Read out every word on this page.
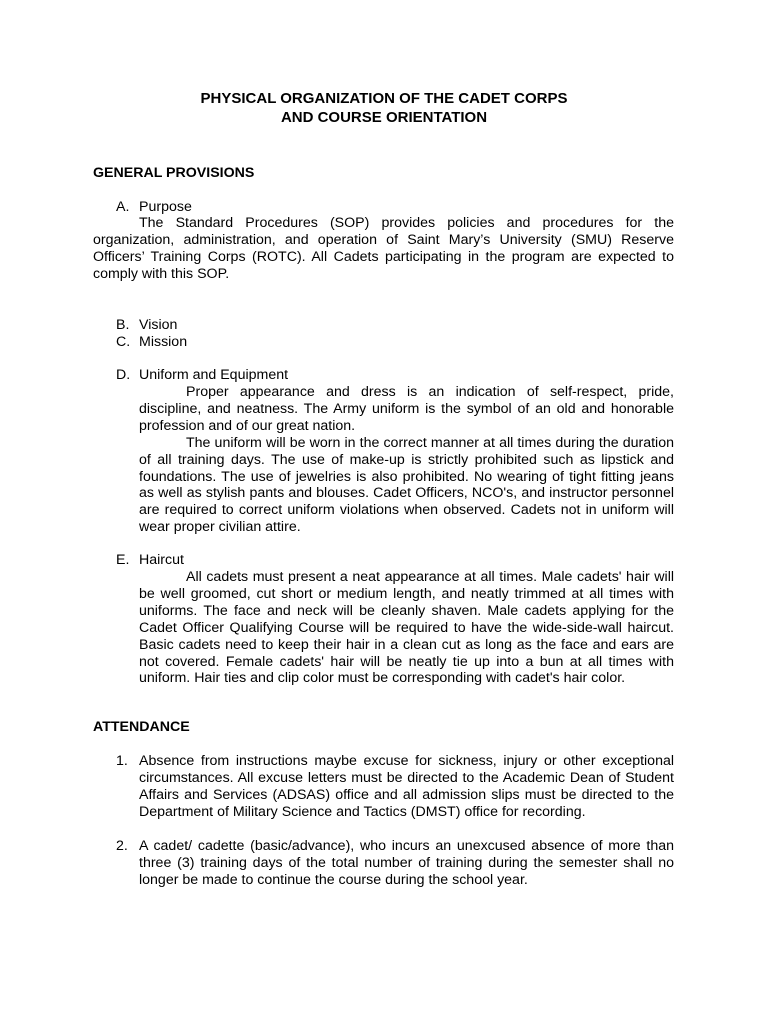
PHYSICAL ORGANIZATION OF THE CADET CORPS
AND COURSE ORIENTATION
GENERAL PROVISIONS
A. Purpose

The Standard Procedures (SOP) provides policies and procedures for the organization, administration, and operation of Saint Mary’s University (SMU) Reserve Officers’ Training Corps (ROTC). All Cadets participating in the program are expected to comply with this SOP.

B. Vision
C. Mission
D. Uniform and Equipment

Proper appearance and dress is an indication of self-respect, pride, discipline, and neatness. The Army uniform is the symbol of an old and honorable profession and of our great nation.

The uniform will be worn in the correct manner at all times during the duration of all training days. The use of make-up is strictly prohibited such as lipstick and foundations. The use of jewelries is also prohibited. No wearing of tight fitting jeans as well as stylish pants and blouses. Cadet Officers, NCO's, and instructor personnel are required to correct uniform violations when observed. Cadets not in uniform will wear proper civilian attire.

E. Haircut

All cadets must present a neat appearance at all times. Male cadets' hair will be well groomed, cut short or medium length, and neatly trimmed at all times with uniforms. The face and neck will be cleanly shaven. Male cadets applying for the Cadet Officer Qualifying Course will be required to have the wide-side-wall haircut. Basic cadets need to keep their hair in a clean cut as long as the face and ears are not covered. Female cadets' hair will be neatly tie up into a bun at all times with uniform. Hair ties and clip color must be corresponding with cadet's hair color.

ATTENDANCE
1. Absence from instructions maybe excuse for sickness, injury or other exceptional circumstances. All excuse letters must be directed to the Academic Dean of Student Affairs and Services (ADSAS) office and all admission slips must be directed to the Department of Military Science and Tactics (DMST) office for recording.
2. A cadet/ cadette (basic/advance), who incurs an unexcused absence of more than three (3) training days of the total number of training during the semester shall no longer be made to continue the course during the school year.
